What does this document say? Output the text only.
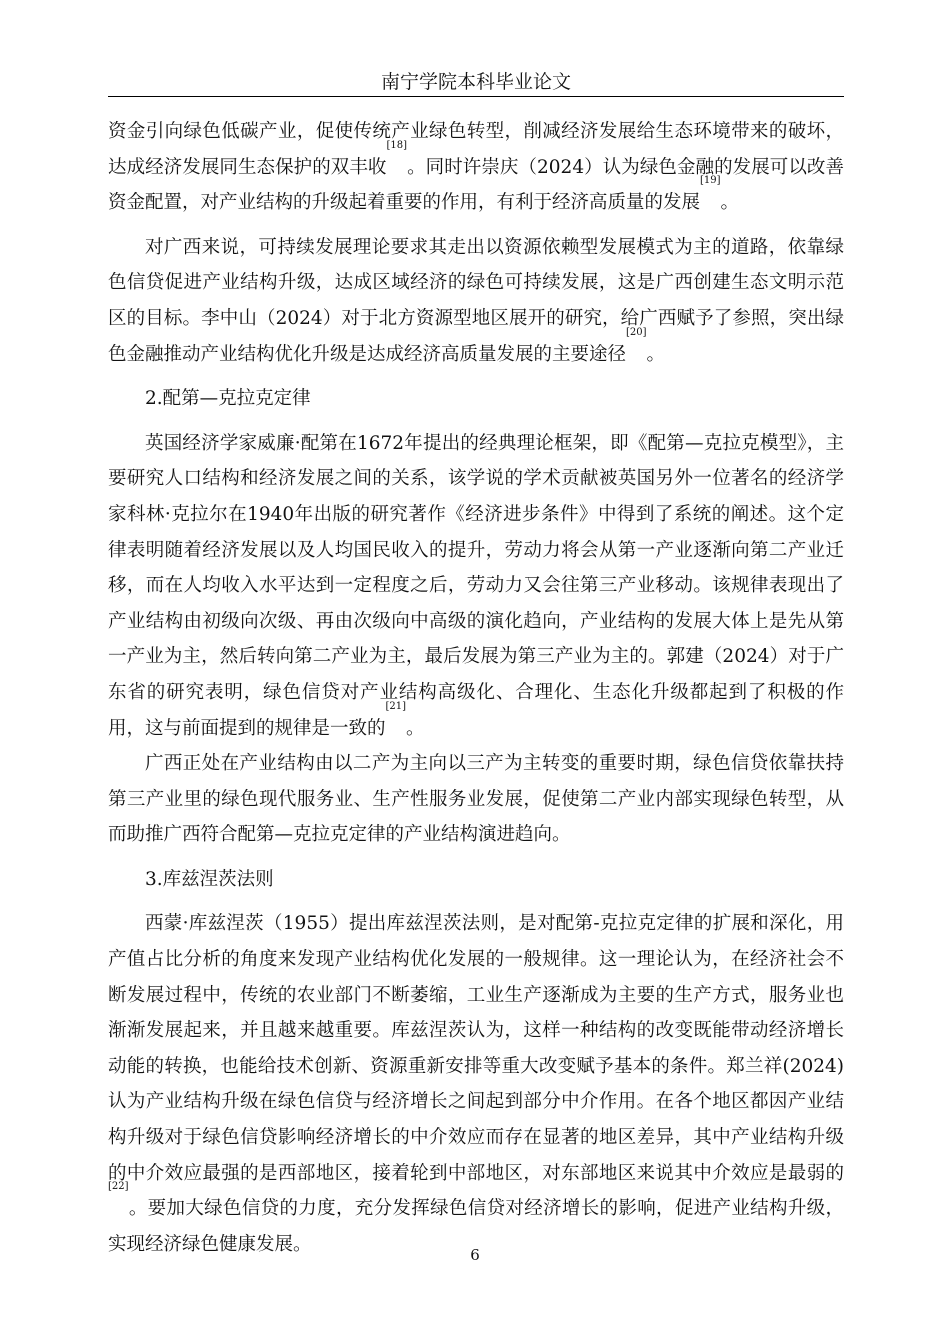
南宁学院本科毕业论文

资金引向绿色低碳产业，促使传统产业绿色转型，削减经济发展给生态环境带来的破坏，达成经济发展同生态保护的双丰收[18]。同时许崇庆（2024）认为绿色金融的发展可以改善资金配置，对产业结构的升级起着重要的作用，有利于经济高质量的发展[19]。

对广西来说，可持续发展理论要求其走出以资源依赖型发展模式为主的道路，依靠绿色信贷促进产业结构升级，达成区域经济的绿色可持续发展，这是广西创建生态文明示范区的目标。李中山（2024）对于北方资源型地区展开的研究，给广西赋予了参照，突出绿色金融推动产业结构优化升级是达成经济高质量发展的主要途径[20]。

2.配第—克拉克定律

英国经济学家威廉·配第在1672年提出的经典理论框架，即《配第—克拉克模型》，主要研究人口结构和经济发展之间的关系，该学说的学术贡献被英国另外一位著名的经济学家科林·克拉尔在1940年出版的研究著作《经济进步条件》中得到了系统的阐述。这个定律表明随着经济发展以及人均国民收入的提升，劳动力将会从第一产业逐渐向第二产业迁移，而在人均收入水平达到一定程度之后，劳动力又会往第三产业移动。该规律表现出了产业结构由初级向次级、再由次级向中高级的演化趋向，产业结构的发展大体上是先从第一产业为主，然后转向第二产业为主，最后发展为第三产业为主的。郭建（2024）对于广东省的研究表明，绿色信贷对产业结构高级化、合理化、生态化升级都起到了积极的作用，这与前面提到的规律是一致的[21]。

广西正处在产业结构由以二产为主向以三产为主转变的重要时期，绿色信贷依靠扶持第三产业里的绿色现代服务业、生产性服务业发展，促使第二产业内部实现绿色转型，从而助推广西符合配第—克拉克定律的产业结构演进趋向。

3.库兹涅茨法则

西蒙·库兹涅茨（1955）提出库兹涅茨法则，是对配第-克拉克定律的扩展和深化，用产值占比分析的角度来发现产业结构优化发展的一般规律。这一理论认为，在经济社会不断发展过程中，传统的农业部门不断萎缩，工业生产逐渐成为主要的生产方式，服务业也渐渐发展起来，并且越来越重要。库兹涅茨认为，这样一种结构的改变既能带动经济增长动能的转换，也能给技术创新、资源重新安排等重大改变赋予基本的条件。郑兰祥(2024)认为产业结构升级在绿色信贷与经济增长之间起到部分中介作用。在各个地区都因产业结构升级对于绿色信贷影响经济增长的中介效应而存在显著的地区差异，其中产业结构升级的中介效应最强的是西部地区，接着轮到中部地区，对东部地区来说其中介效应是最弱的[22]。要加大绿色信贷的力度，充分发挥绿色信贷对经济增长的影响，促进产业结构升级，实现经济绿色健康发展。

6
